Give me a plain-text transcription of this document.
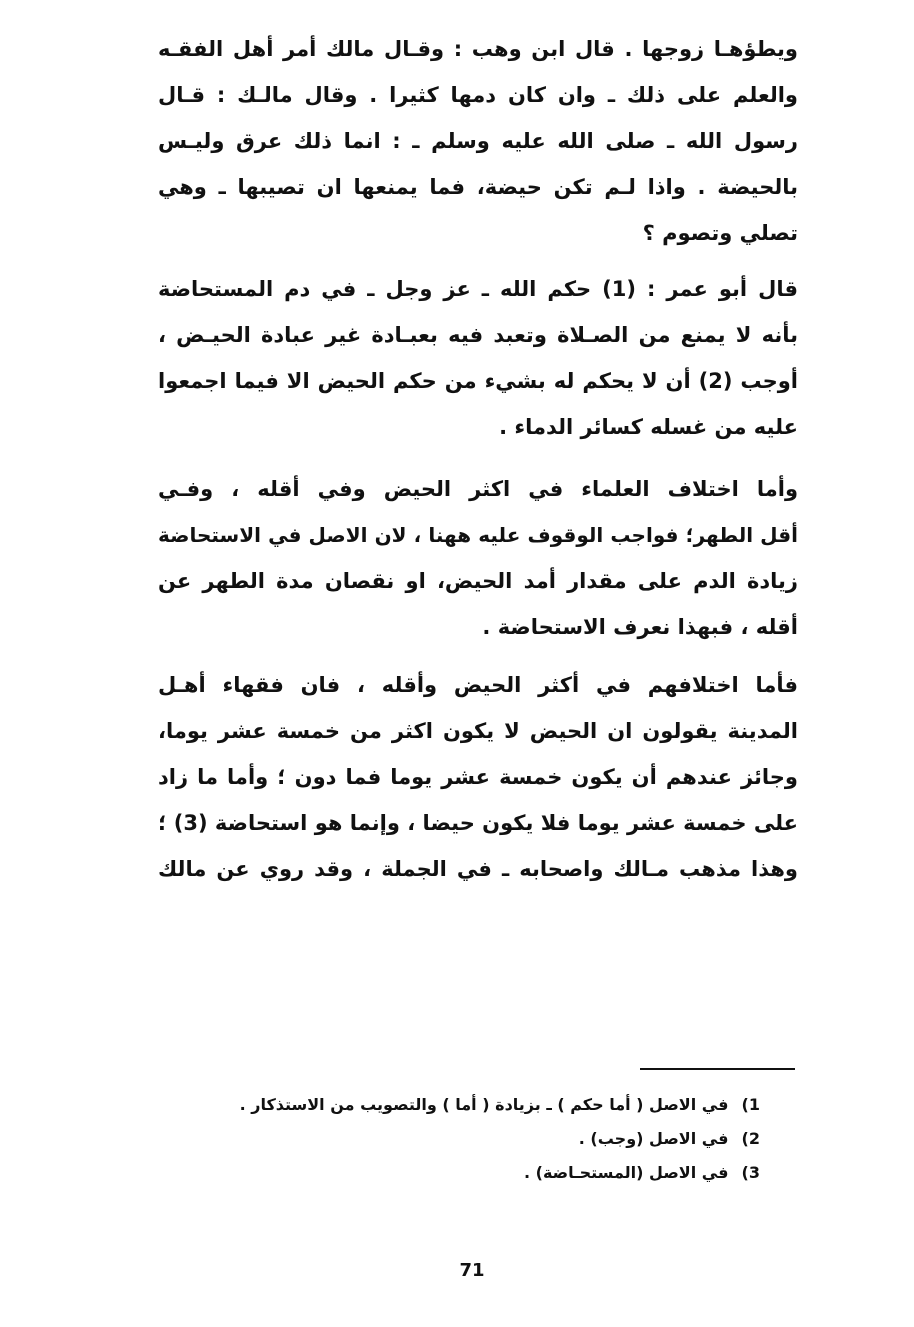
ويطؤهـا زوجها . قال ابن وهب : وقـال مالك أمر أهل الفقـه
والعلم على ذلك ـ وان كان دمها كثيرا . وقال مالـك : قـال
رسول الله ـ صلى الله عليه وسلم ـ : انما ذلك عرق وليـس
بالحيضة . واذا لـم تكن حيضة، فما يمنعها ان تصيبها ـ وهي
تصلي وتصوم ؟
قال أبو عمر : (1) حكم الله ـ عز وجل ـ في دم المستحاضة
بأنه لا يمنع من الصـلاة وتعبد فيه بعبـادة غير عبادة الحيـض ،
أوجب (2) أن لا يحكم له بشيء من حكم الحيض الا فيما اجمعوا
عليه من غسله كسائر الدماء .
وأما اختلاف العلماء في اكثر الحيض وفي أقله ، وفـي
أقل الطهر؛ فواجب الوقوف عليه ههنا ، لان الاصل في الاستحاضة
زيادة الدم على مقدار أمد الحيض، او نقصان مدة الطهر عن
أقله ، فبهذا نعرف الاستحاضة .
فأما اختلافهم في أكثر الحيض وأقله ، فان فقهاء أهـل
المدينة يقولون ان الحيض لا يكون اكثر من خمسة عشر يوما،
وجائز عندهم أن يكون خمسة عشر يوما فما دون ؛ وأما ما زاد
على خمسة عشر يوما فلا يكون حيضا ، وإنما هو استحاضة (3) ؛
وهذا مذهب مـالك واصحابه ـ في الجملة ، وقد روي عن مالك
1) في الاصل ( أما حكم ) ـ بزيادة ( أما ) والتصويب من الاستذكار .
2) في الاصل (وجب) .
3) في الاصل (المستحـاضة) .
71
